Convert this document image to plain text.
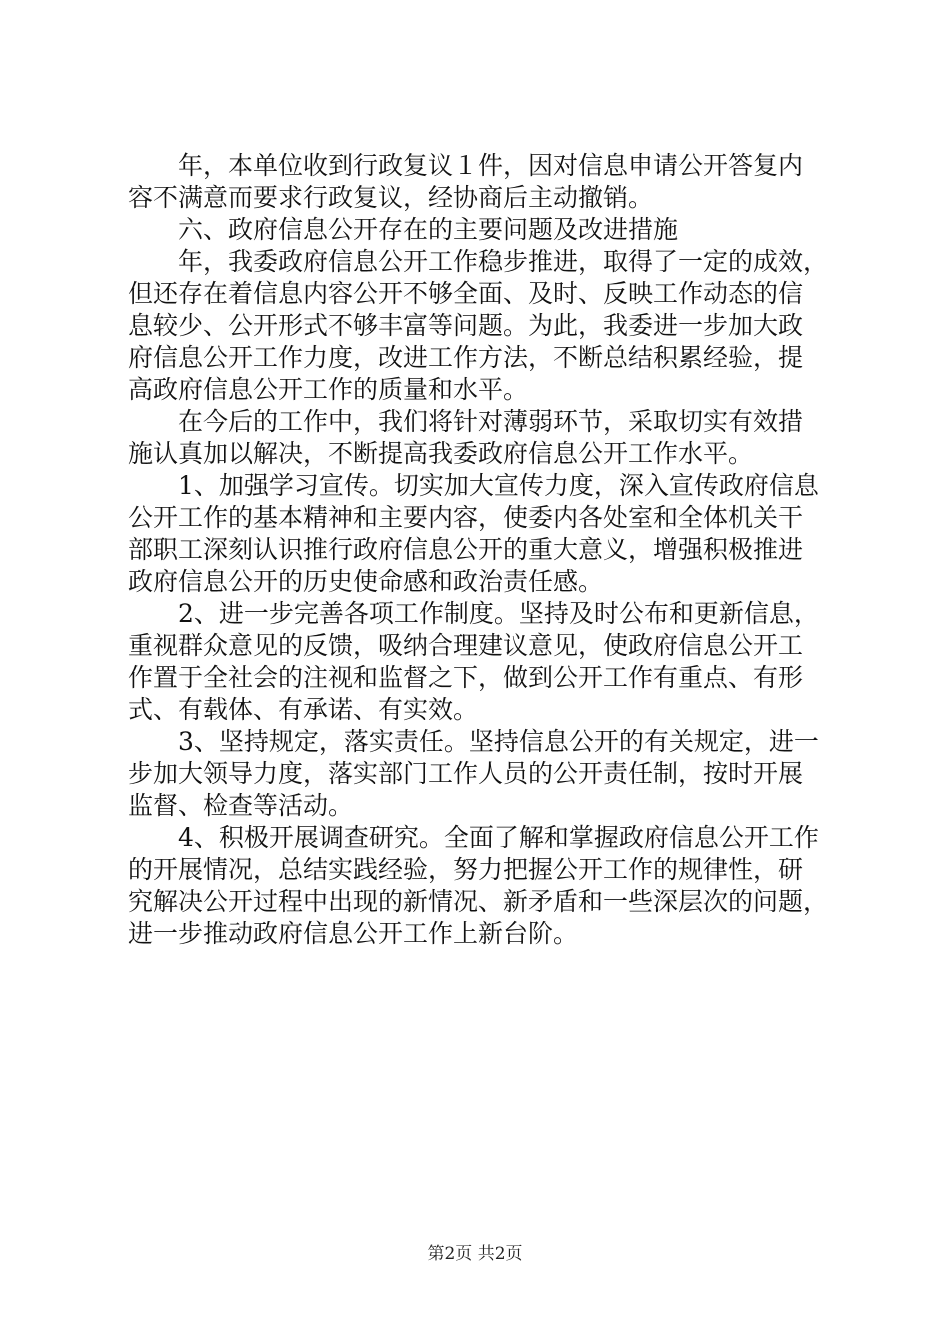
　　年，本单位收到行政复议１件，因对信息申请公开答复内
容不满意而要求行政复议，经协商后主动撤销。
　　六、政府信息公开存在的主要问题及改进措施
　　年，我委政府信息公开工作稳步推进，取得了一定的成效，
但还存在着信息内容公开不够全面、及时、反映工作动态的信
息较少、公开形式不够丰富等问题。为此，我委进一步加大政
府信息公开工作力度，改进工作方法，不断总结积累经验，提
高政府信息公开工作的质量和水平。
　　在今后的工作中，我们将针对薄弱环节，采取切实有效措
施认真加以解决，不断提高我委政府信息公开工作水平。
　　1、加强学习宣传。切实加大宣传力度，深入宣传政府信息
公开工作的基本精神和主要内容，使委内各处室和全体机关干
部职工深刻认识推行政府信息公开的重大意义，增强积极推进
政府信息公开的历史使命感和政治责任感。
　　2、进一步完善各项工作制度。坚持及时公布和更新信息，
重视群众意见的反馈，吸纳合理建议意见，使政府信息公开工
作置于全社会的注视和监督之下，做到公开工作有重点、有形
式、有载体、有承诺、有实效。
　　3、坚持规定，落实责任。坚持信息公开的有关规定，进一
步加大领导力度，落实部门工作人员的公开责任制，按时开展
监督、检查等活动。
　　4、积极开展调查研究。全面了解和掌握政府信息公开工作
的开展情况，总结实践经验，努力把握公开工作的规律性，研
究解决公开过程中出现的新情况、新矛盾和一些深层次的问题，
进一步推动政府信息公开工作上新台阶。
第2页 共2页
